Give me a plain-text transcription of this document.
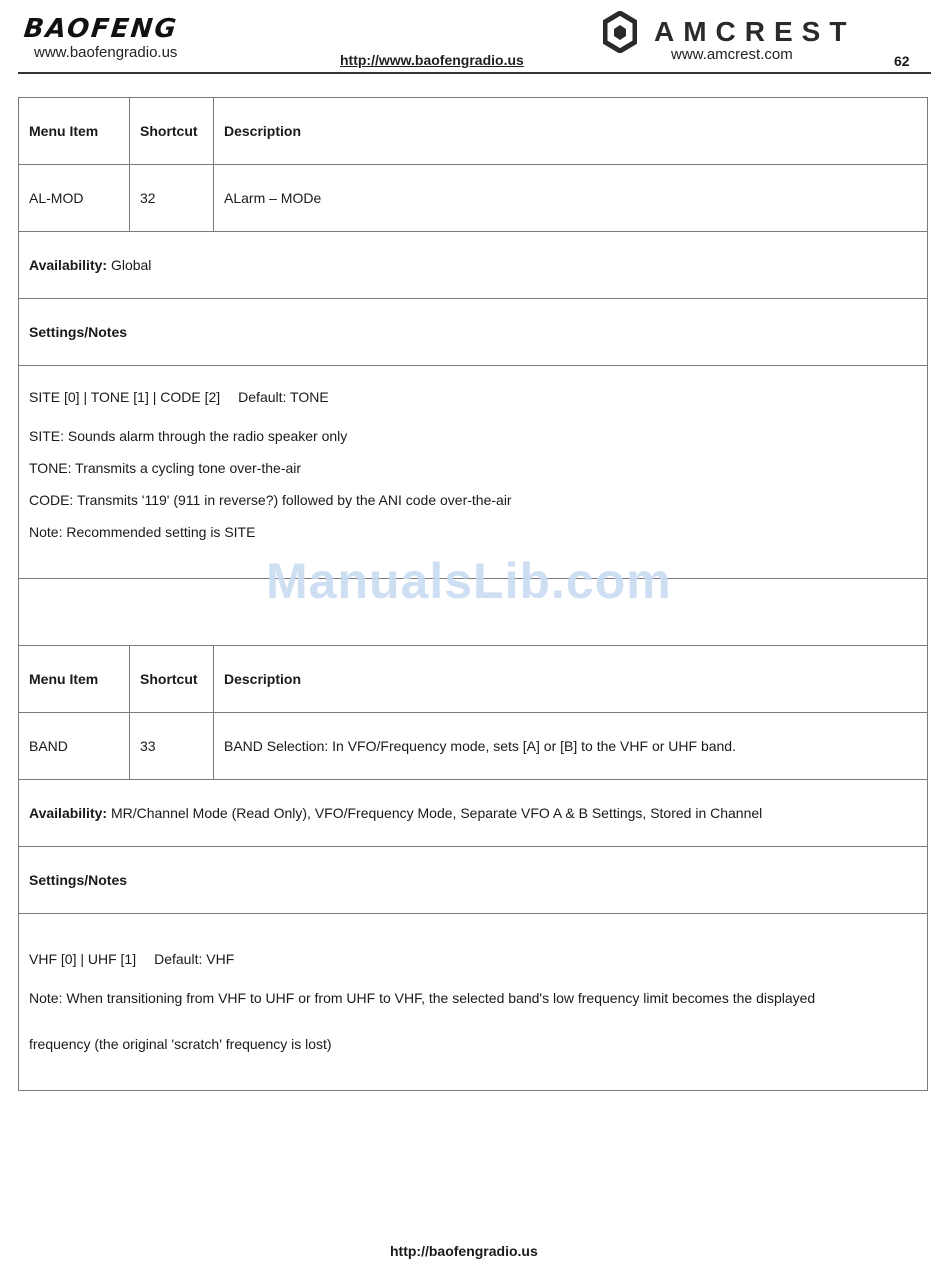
BAOFENG
www.baofengradio.us	http://www.baofengradio.us
AMCREST
www.amcrest.com	62
Menu Item	Shortcut	Description
AL-MOD	32	ALarm – MODe
Availability: Global		
Settings/Notes		

SITE [0] | TONE [1] | CODE [2] Default: TONE

SITE: Sounds alarm through the radio speaker only

TONE: Transmits a cycling tone over-the-air

CODE: Transmits '119' (911 in reverse?) followed by the ANI code over-the-air

Note: Recommended setting is SITE		

Menu Item	Shortcut	Description
BAND	33	BAND Selection: In VFO/Frequency mode, sets [A] or [B] to the VHF or UHF band.
Availability: MR/Channel Mode (Read Only), VFO/Frequency Mode, Separate VFO A & B Settings, Stored in Channel		
Settings/Notes		

VHF [0] | UHF [1] Default: VHF

Note: When transitioning from VHF to UHF or from UHF to VHF, the selected band's low frequency limit becomes the displayed

frequency (the original 'scratch' frequency is lost)		

ManualsLib.com
http://baofengradio.us
